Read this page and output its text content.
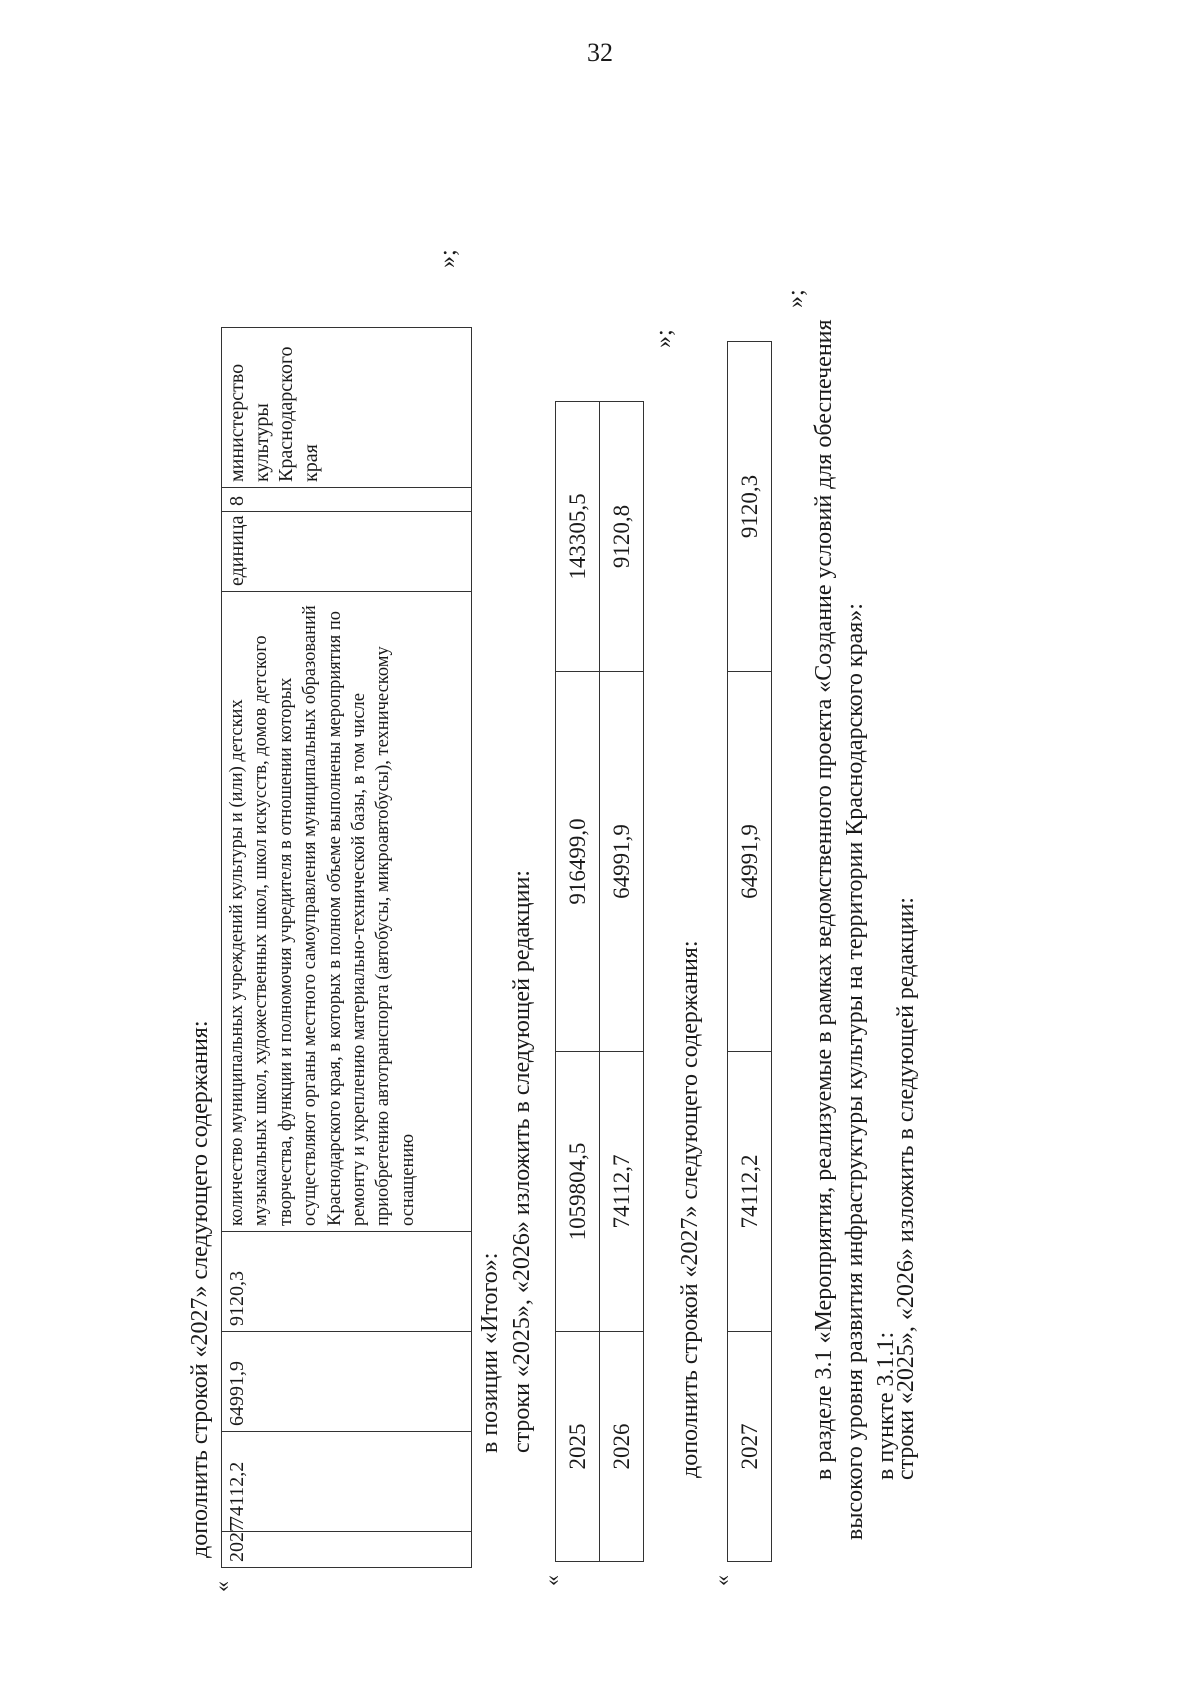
32
дополнить строкой «2027» следующего содержания:
«
2027	74112,2	64991,9	9120,3	количество муниципальных учреждений культуры и (или) детских музыкальных школ, художественных школ, школ искусств, домов детского творчества, функции и полномочия учредителя в отношении которых осуществляют органы местного самоуправления муниципальных образований Краснодарского края, в которых в полном объеме выполнены мероприятия по ремонту и укреплению материально-технической базы, в том числе приобретению автотранспорта (автобусы, микроавтобусы), техническому оснащению	единица	8	министерство культуры Краснодарского края
»;
в позиции «Итого»: строки «2025», «2026» изложить в следующей редакции:
«
2025	1059804,5	916499,0	143305,5
2026	74112,7	64991,9	9120,8
»;
дополнить строкой «2027» следующего содержания:
«
2027	74112,2	64991,9	9120,3
»;
в разделе 3.1 «Мероприятия, реализуемые в рамках ведомственного проекта «Создание условий для обеспечения высокого уровня развития инфраструктуры культуры на территории Краснодарского края»: в пункте 3.1.1:
строки «2025», «2026» изложить в следующей редакции:
